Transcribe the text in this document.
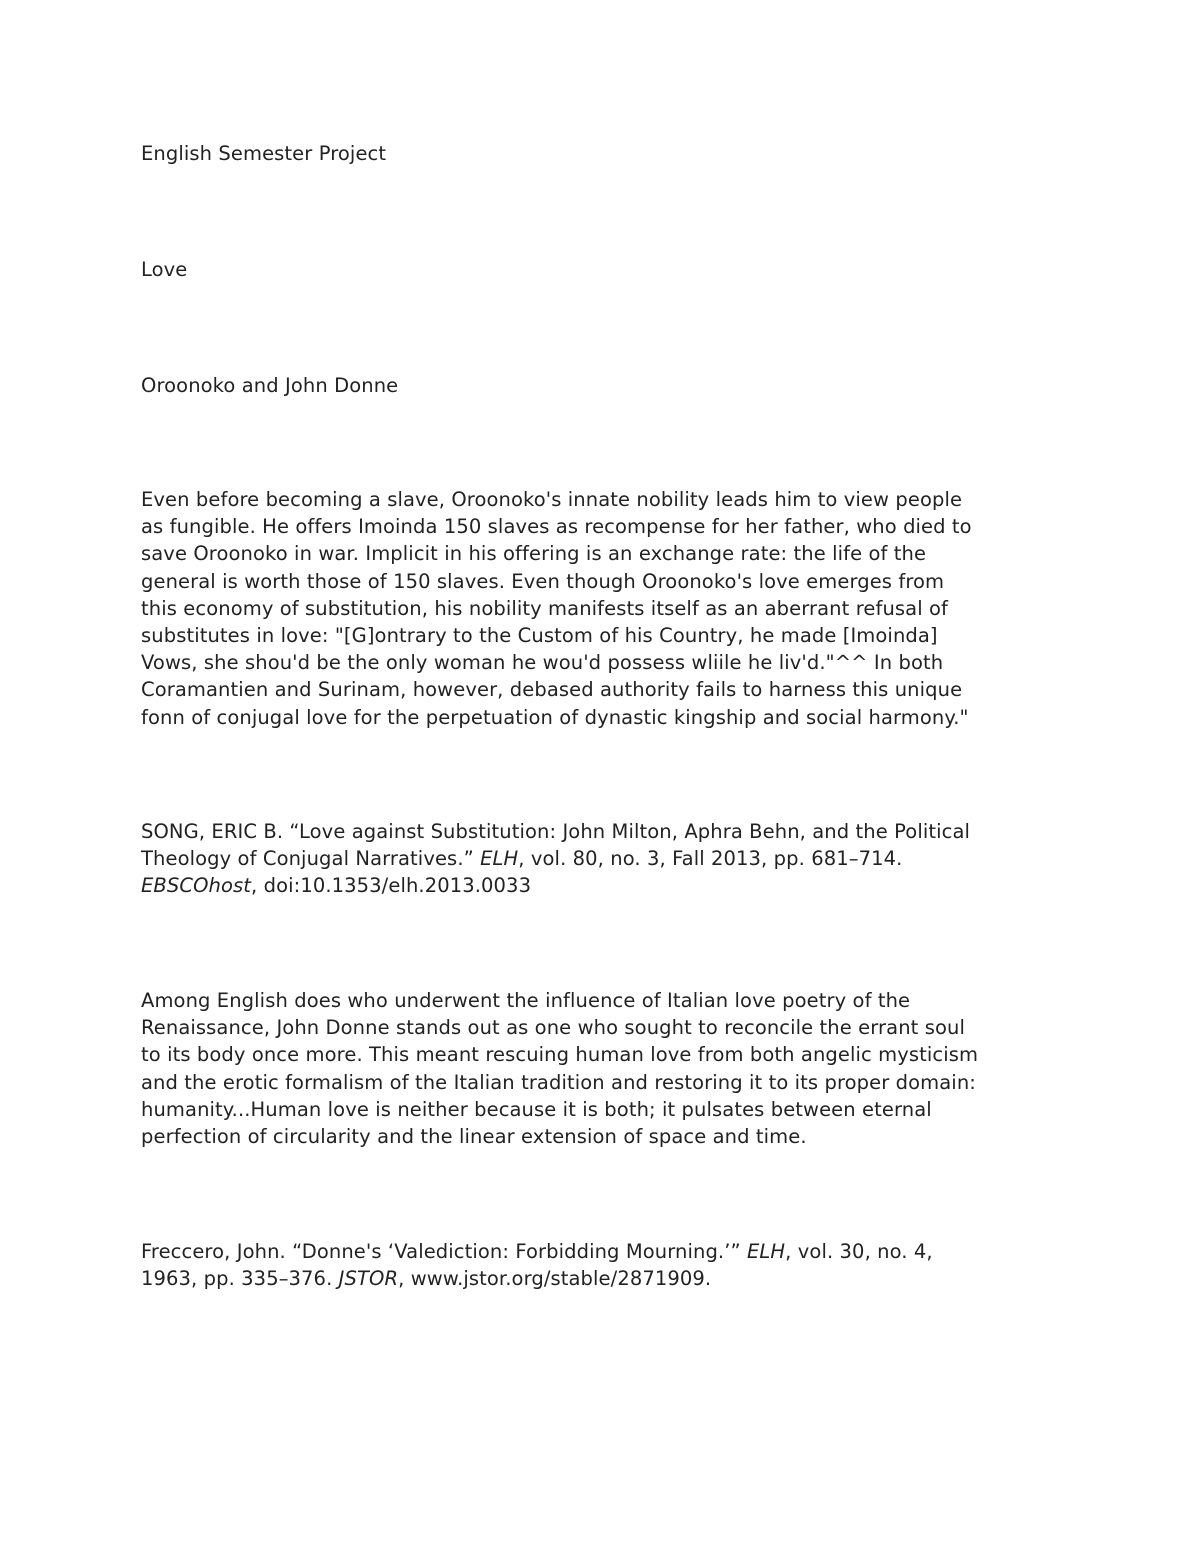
English Semester Project

Love

Oroonoko and John Donne

Even before becoming a slave, Oroonoko's innate nobility leads him to view people
as fungible. He offers Imoinda 150 slaves as recompense for her father, who died to
save Oroonoko in war. Implicit in his offering is an exchange rate: the life of the
general is worth those of 150 slaves. Even though Oroonoko's love emerges from
this economy of substitution, his nobility manifests itself as an aberrant refusal of
substitutes in love: "[G]ontrary to the Custom of his Country, he made [Imoinda]
Vows, she shou'd be the only woman he wou'd possess wliile he liv'd."^^ In both
Coramantien and Surinam, however, debased authority fails to harness this unique
fonn of conjugal love for the perpetuation of dynastic kingship and social harmony."

SONG, ERIC B. “Love against Substitution: John Milton, Aphra Behn, and the Political
Theology of Conjugal Narratives.” ELH, vol. 80, no. 3, Fall 2013, pp. 681–714.
EBSCOhost, doi:10.1353/elh.2013.0033

Among English does who underwent the influence of Italian love poetry of the
Renaissance, John Donne stands out as one who sought to reconcile the errant soul
to its body once more. This meant rescuing human love from both angelic mysticism
and the erotic formalism of the Italian tradition and restoring it to its proper domain:
humanity...Human love is neither because it is both; it pulsates between eternal
perfection of circularity and the linear extension of space and time.

Freccero, John. “Donne's ‘Valediction: Forbidding Mourning.’” ELH, vol. 30, no. 4,
1963, pp. 335–376. JSTOR, www.jstor.org/stable/2871909.
